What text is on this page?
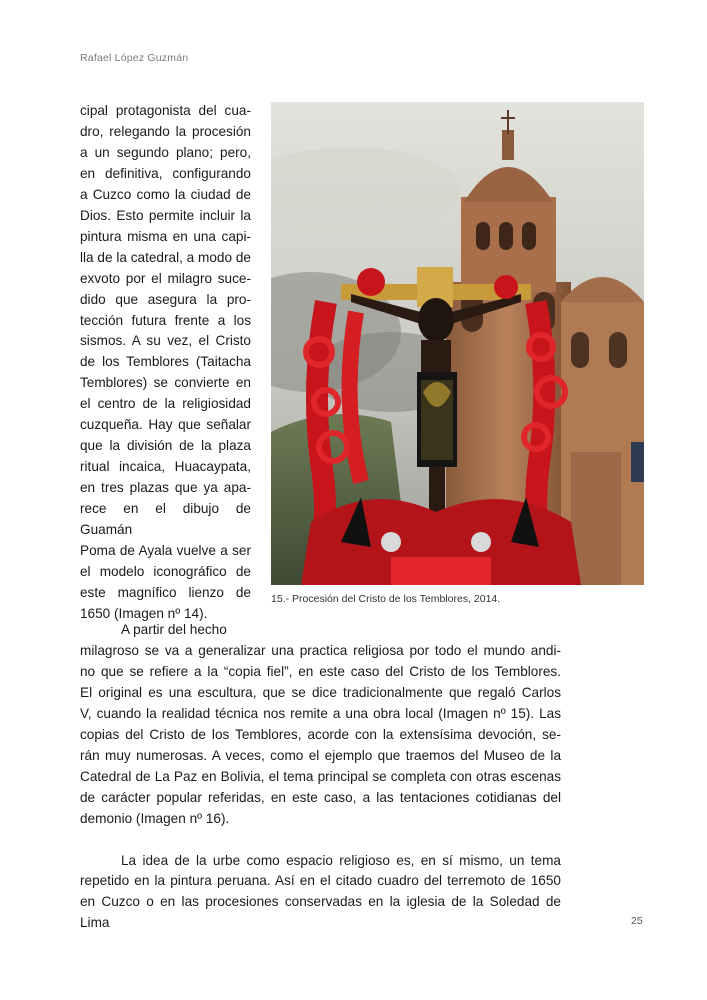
Rafael López Guzmán
cipal protagonista del cua-
dro, relegando la procesión
a un segundo plano; pero,
en definitiva, configurando
a Cuzco como la ciudad de
Dios. Esto permite incluir la
pintura misma en una capi-
lla de la catedral, a modo de
exvoto por el milagro suce-
dido que asegura la pro-
tección futura frente a los
sismos. A su vez, el Cristo
de los Temblores (Taitacha
Temblores) se convierte en
el centro de la religiosidad
cuzqueña. Hay que señalar
que la división de la plaza
ritual incaica, Huacaypata,
en tres plazas que ya apa-
rece en el dibujo de Guamán
Poma de Ayala vuelve a ser
el modelo iconográfico de
este magnífico lienzo de
1650 (Imagen nº 14).
15.- Procesión del Cristo de los Temblores, 2014.
A partir del hecho
milagroso se va a generalizar una practica religiosa por todo el mundo andi-
no que se refiere a la “copia fiel”, en este caso del Cristo de los Temblores.
El original es una escultura, que se dice tradicionalmente que regaló Carlos
V, cuando la realidad técnica nos remite a una obra local (Imagen nº 15). Las
copias del Cristo de los Temblores, acorde con la extensísima devoción, se-
rán muy numerosas. A veces, como el ejemplo que traemos del Museo de la
Catedral de La Paz en Bolivia, el tema principal se completa con otras escenas
de carácter popular referidas, en este caso, a las tentaciones cotidianas del
demonio (Imagen nº 16).
La idea de la urbe como espacio religioso es, en sí mismo, un tema
repetido en la pintura peruana. Así en el citado cuadro del terremoto de 1650
en Cuzco o en las procesiones conservadas en la iglesia de la Soledad de Lima	25
